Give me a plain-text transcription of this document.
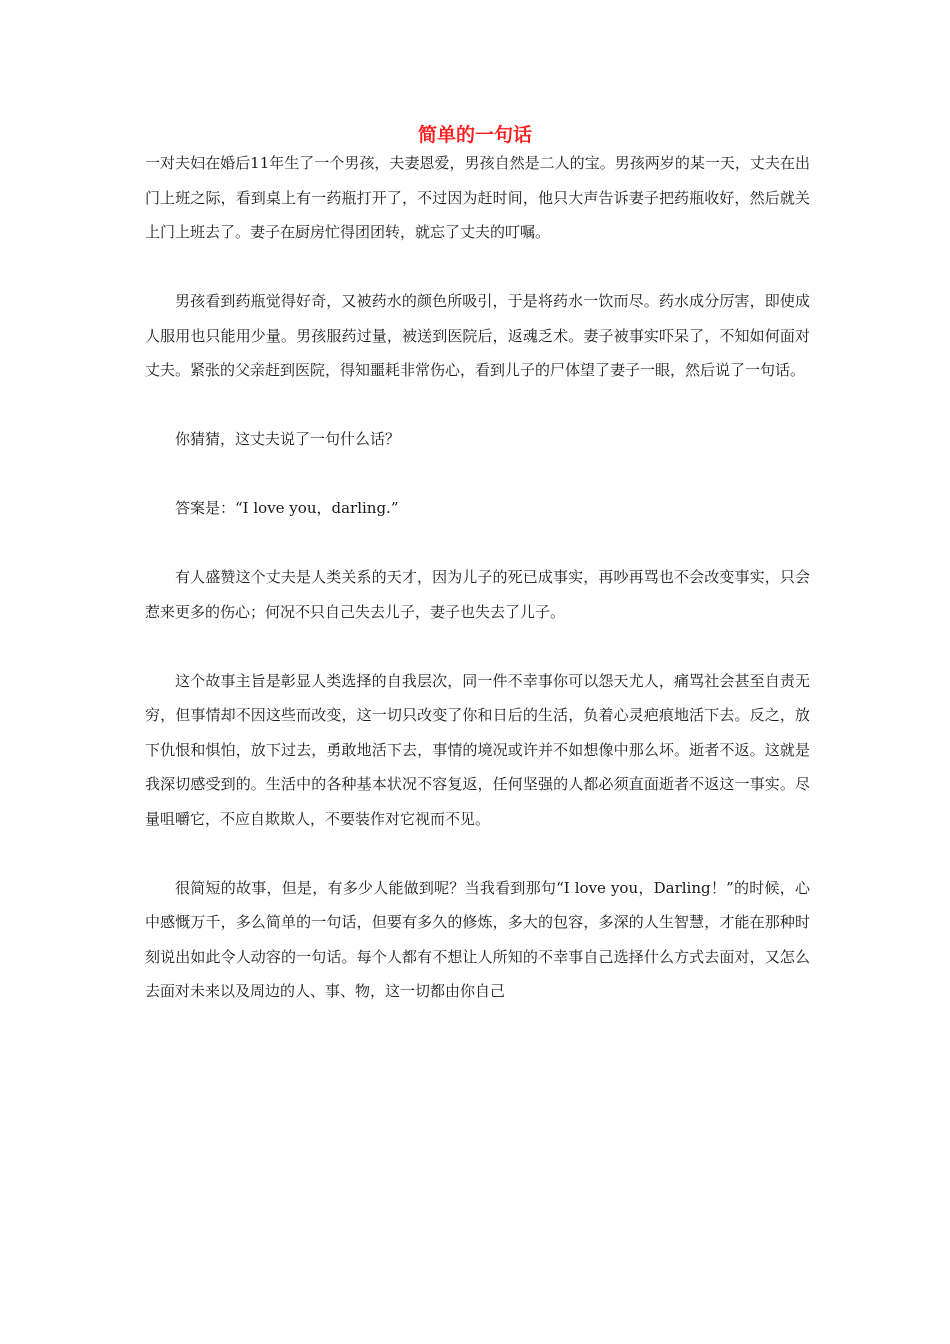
简单的一句话

一对夫妇在婚后11年生了一个男孩，夫妻恩爱，男孩自然是二人的宝。男孩两岁的某一天，丈夫在出门上班之际，看到桌上有一药瓶打开了，不过因为赶时间，他只大声告诉妻子把药瓶收好，然后就关上门上班去了。妻子在厨房忙得团团转，就忘了丈夫的叮嘱。

男孩看到药瓶觉得好奇，又被药水的颜色所吸引，于是将药水一饮而尽。药水成分厉害，即使成人服用也只能用少量。男孩服药过量，被送到医院后，返魂乏术。妻子被事实吓呆了，不知如何面对丈夫。紧张的父亲赶到医院，得知噩耗非常伤心，看到儿子的尸体望了妻子一眼，然后说了一句话。

你猜猜，这丈夫说了一句什么话？

答案是：“I love you，darling.”

有人盛赞这个丈夫是人类关系的天才，因为儿子的死已成事实，再吵再骂也不会改变事实，只会惹来更多的伤心；何况不只自己失去儿子，妻子也失去了儿子。

这个故事主旨是彰显人类选择的自我层次，同一件不幸事你可以怨天尤人，痛骂社会甚至自责无穷，但事情却不因这些而改变，这一切只改变了你和日后的生活，负着心灵疤痕地活下去。反之，放下仇恨和惧怕，放下过去，勇敢地活下去，事情的境况或许并不如想像中那么坏。逝者不返。这就是我深切感受到的。生活中的各种基本状况不容复返，任何坚强的人都必须直面逝者不返这一事实。尽量咀嚼它，不应自欺欺人，不要装作对它视而不见。

很简短的故事，但是，有多少人能做到呢？当我看到那句“I love you，Darling！”的时候，心中感慨万千，多么简单的一句话，但要有多久的修炼，多大的包容，多深的人生智慧，才能在那种时刻说出如此令人动容的一句话。每个人都有不想让人所知的不幸事自己选择什么方式去面对，又怎么去面对未来以及周边的人、事、物，这一切都由你自己
